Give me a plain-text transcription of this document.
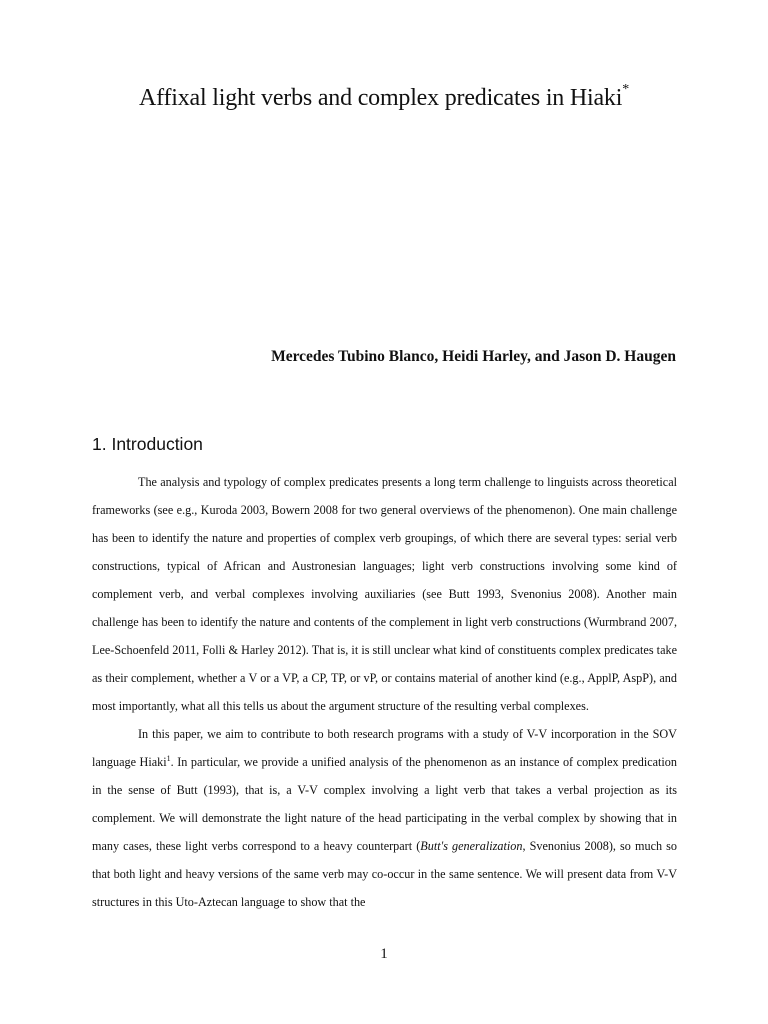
Affixal light verbs and complex predicates in Hiaki*
Mercedes Tubino Blanco, Heidi Harley, and Jason D. Haugen
1. Introduction

The analysis and typology of complex predicates presents a long term challenge to linguists across theoretical frameworks (see e.g., Kuroda 2003, Bowern 2008 for two general overviews of the phenomenon). One main challenge has been to identify the nature and properties of complex verb groupings, of which there are several types: serial verb constructions, typical of African and Austronesian languages; light verb constructions involving some kind of complement verb, and verbal complexes involving auxiliaries (see Butt 1993, Svenonius 2008). Another main challenge has been to identify the nature and contents of the complement in light verb constructions (Wurmbrand 2007, Lee-Schoenfeld 2011, Folli & Harley 2012). That is, it is still unclear what kind of constituents complex predicates take as their complement, whether a V or a VP, a CP, TP, or vP, or contains material of another kind (e.g., ApplP, AspP), and most importantly, what all this tells us about the argument structure of the resulting verbal complexes.

In this paper, we aim to contribute to both research programs with a study of V-V incorporation in the SOV language Hiaki$^1$. In particular, we provide a unified analysis of the phenomenon as an instance of complex predication in the sense of Butt (1993), that is, a V-V complex involving a light verb that takes a verbal projection as its complement. We will demonstrate the light nature of the head participating in the verbal complex by showing that in many cases, these light verbs correspond to a heavy counterpart (Butt's generalization, Svenonius 2008), so much so that both light and heavy versions of the same verb may co-occur in the same sentence. We will present data from V-V structures in this Uto-Aztecan language to show that the

1
